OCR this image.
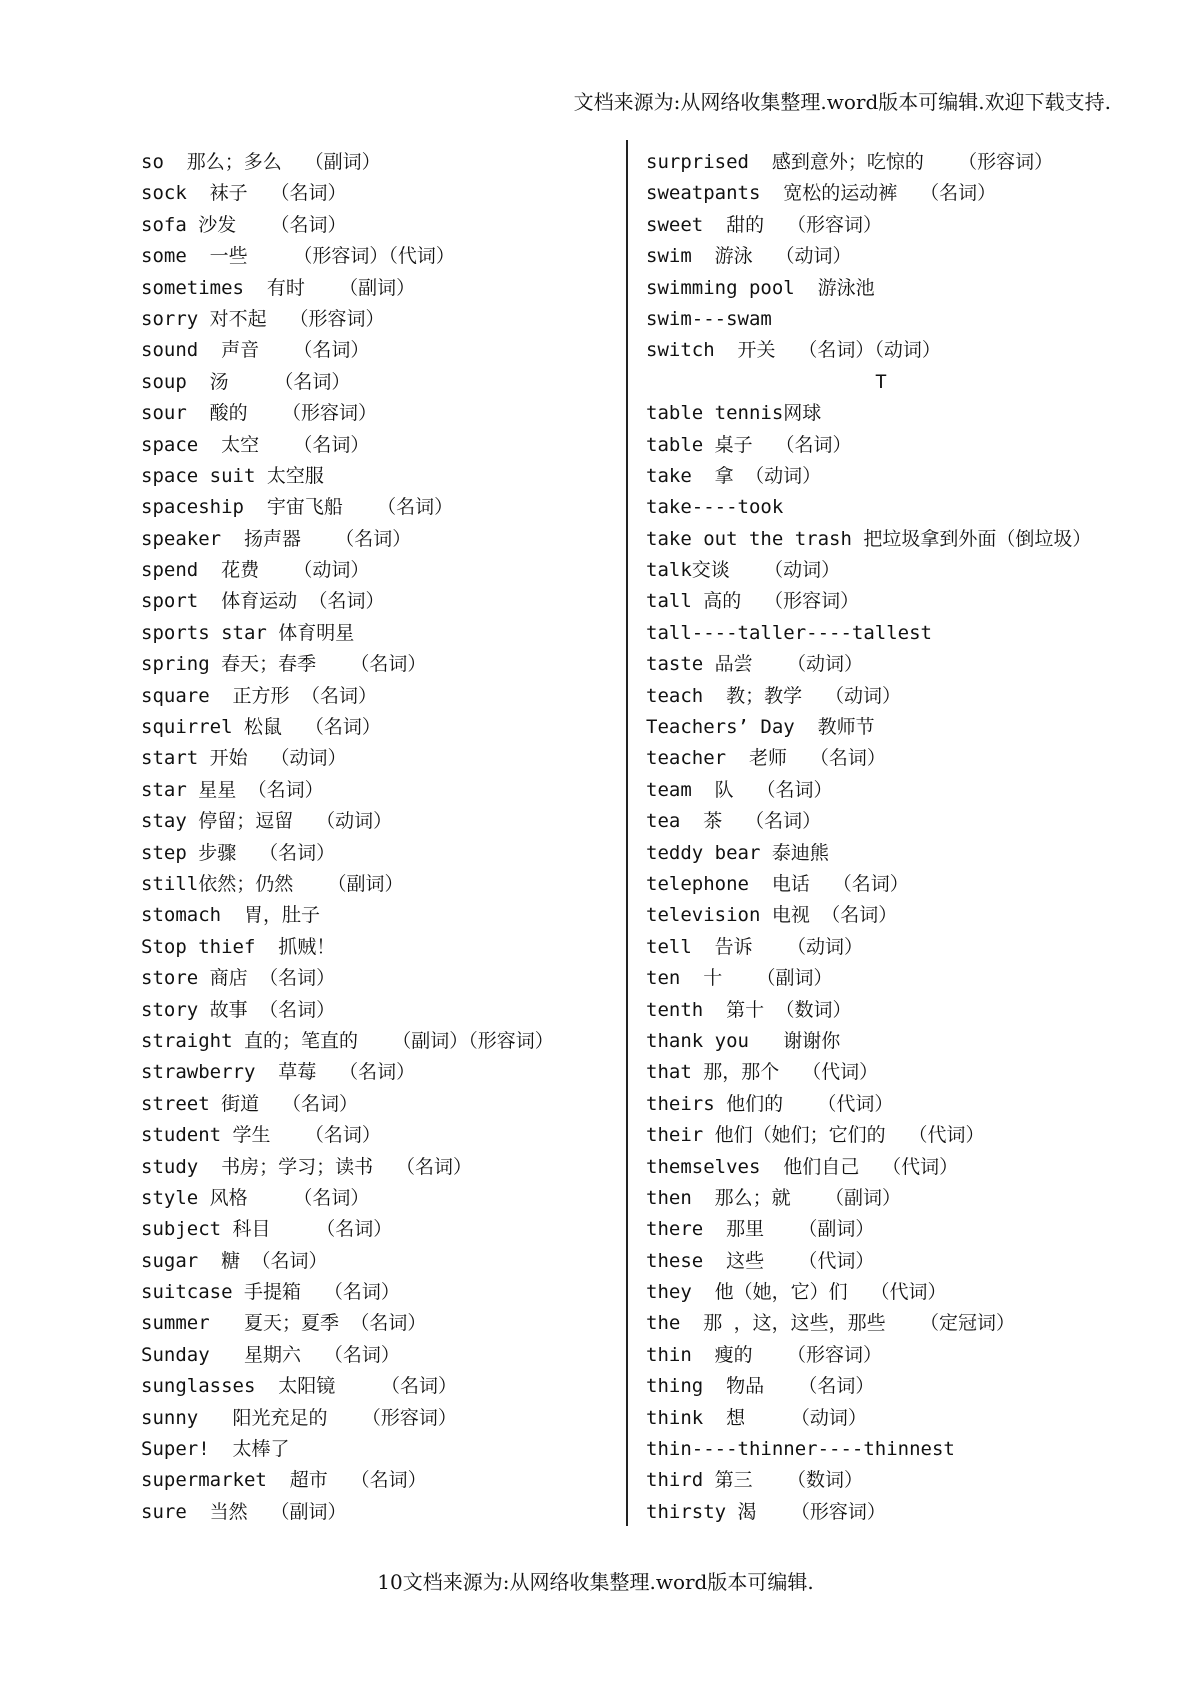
文档来源为:从网络收集整理.word版本可编辑.欢迎下载支持.
so  那么；多么  （副词）
sock  袜子  （名词）
sofa 沙发   （名词）
some  一些    （形容词）（代词）
sometimes  有时   （副词）
sorry 对不起  （形容词）
sound  声音   （名词）
soup  汤    （名词）
sour  酸的   （形容词）
space  太空   （名词）
space suit 太空服
spaceship  宇宙飞船   （名词）
speaker  扬声器   （名词）
spend  花费   （动词）
sport  体育运动 （名词）
sports star 体育明星
spring 春天；春季   （名词）
square  正方形 （名词）
squirrel 松鼠  （名词）
start 开始  （动词）
star 星星 （名词）
stay 停留；逗留  （动词）
step 步骤  （名词）
still依然；仍然   （副词）
stomach  胃，肚子
Stop thief  抓贼！
store 商店 （名词）
story 故事 （名词）
straight 直的；笔直的   （副词）（形容词）
strawberry  草莓  （名词）
street 街道  （名词）
student 学生   （名词）
study  书房；学习；读书  （名词）
style 风格    （名词）
subject 科目    （名词）
sugar  糖 （名词）
suitcase 手提箱  （名词）
summer   夏天；夏季 （名词）
Sunday   星期六  （名词）
sunglasses  太阳镜    （名词）
sunny   阳光充足的   （形容词）
Super!  太棒了
supermarket  超市  （名词）
sure  当然  （副词）
surprised  感到意外；吃惊的   （形容词）
sweatpants  宽松的运动裤  （名词）
sweet  甜的  （形容词）
swim  游泳  （动词）
swimming pool  游泳池
swim---swam
switch  开关  （名词）（动词）
T
table tennis网球
table 桌子  （名词）
take  拿 （动词）
take----took
take out the trash 把垃圾拿到外面（倒垃圾）
talk交谈   （动词）
tall 高的  （形容词）
tall----taller----tallest
taste 品尝   （动词）
teach  教；教学  （动词）
Teachers’ Day  教师节
teacher  老师  （名词）
team  队  （名词）
tea  茶  （名词）
teddy bear 泰迪熊
telephone  电话  （名词）
television 电视 （名词）
tell  告诉   （动词）
ten  十   （副词）
tenth  第十 （数词）
thank you   谢谢你
that 那，那个  （代词）
theirs 他们的   （代词）
their 他们（她们；它们的  （代词）
themselves  他们自己  （代词）
then  那么；就   （副词）
there  那里   （副词）
these  这些   （代词）
they  他（她，它）们  （代词）
the  那 ，这，这些，那些   （定冠词）
thin  瘦的   （形容词）
thing  物品   （名词）
think  想    （动词）
thin----thinner----thinnest
third 第三   （数词）
thirsty 渴   （形容词）
10文档来源为:从网络收集整理.word版本可编辑.
